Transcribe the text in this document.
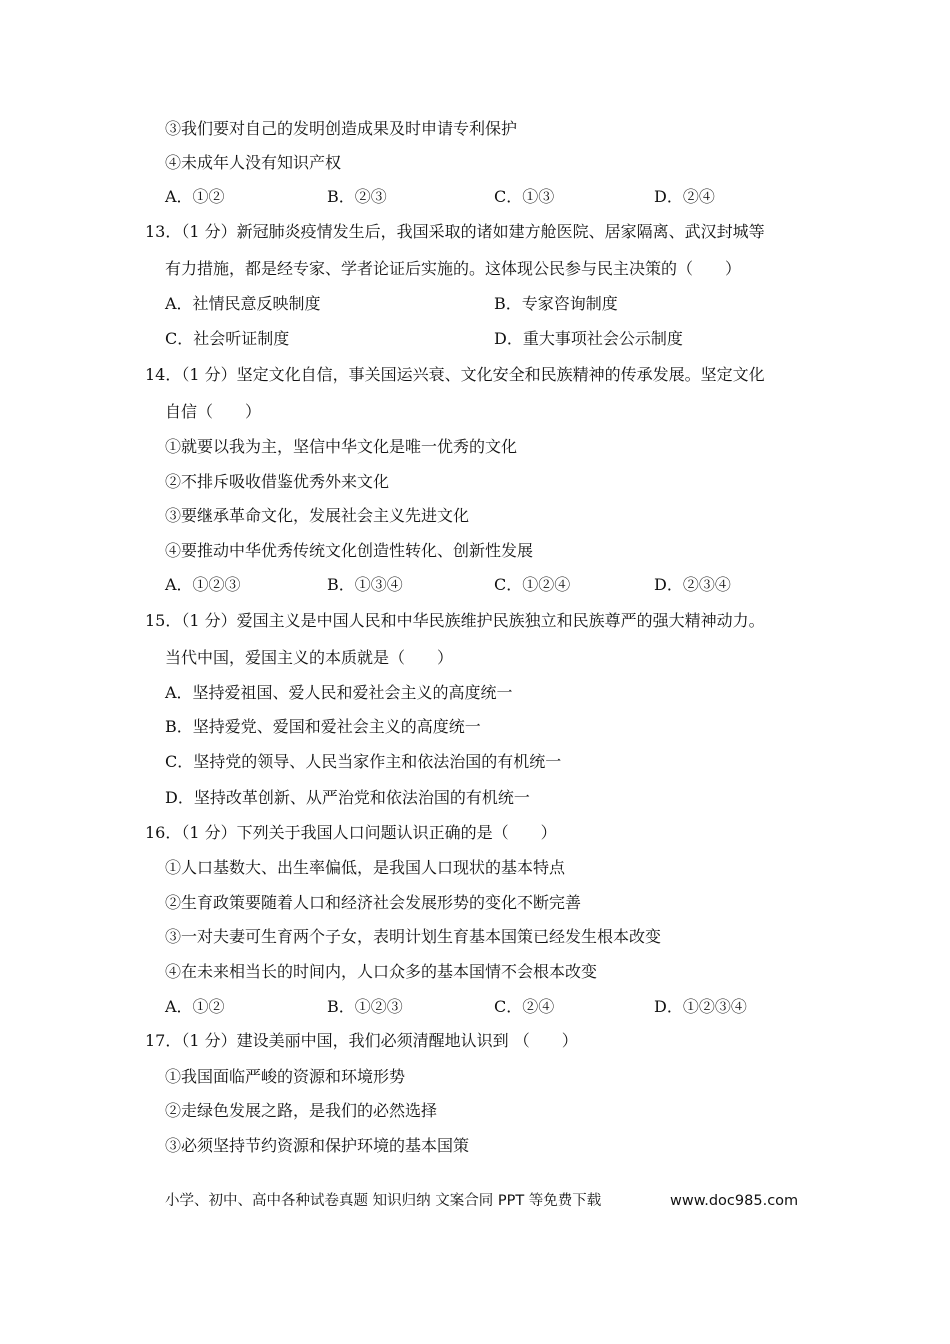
③我们要对自己的发明创造成果及时申请专利保护
④未成年人没有知识产权
A．①②	B．②③	C．①③	D．②④
13．（1 分）新冠肺炎疫情发生后，我国采取的诸如建方舱医院、居家隔离、武汉封城等
有力措施，都是经专家、学者论证后实施的。这体现公民参与民主决策的（　　）
A．社情民意反映制度	B．专家咨询制度
C．社会听证制度	D．重大事项社会公示制度
14．（1 分）坚定文化自信，事关国运兴衰、文化安全和民族精神的传承发展。坚定文化
自信（　　）
①就要以我为主，坚信中华文化是唯一优秀的文化
②不排斥吸收借鉴优秀外来文化
③要继承革命文化，发展社会主义先进文化
④要推动中华优秀传统文化创造性转化、创新性发展
A．①②③	B．①③④	C．①②④	D．②③④
15．（1 分）爱国主义是中国人民和中华民族维护民族独立和民族尊严的强大精神动力。
当代中国，爱国主义的本质就是（　　）
A．坚持爱祖国、爱人民和爱社会主义的高度统一
B．坚持爱党、爱国和爱社会主义的高度统一
C．坚持党的领导、人民当家作主和依法治国的有机统一
D．坚持改革创新、从严治党和依法治国的有机统一
16．（1 分）下列关于我国人口问题认识正确的是（　　）
①人口基数大、出生率偏低，是我国人口现状的基本特点
②生育政策要随着人口和经济社会发展形势的变化不断完善
③一对夫妻可生育两个子女，表明计划生育基本国策已经发生根本改变
④在未来相当长的时间内，人口众多的基本国情不会根本改变
A．①②	B．①②③	C．②④	D．①②③④
17．（1 分）建设美丽中国，我们必须清醒地认识到 （　　）
①我国面临严峻的资源和环境形势
②走绿色发展之路，是我们的必然选择
③必须坚持节约资源和保护环境的基本国策
小学、初中、高中各种试卷真题 知识归纳 文案合同 PPT 等免费下载	www.doc985.com
